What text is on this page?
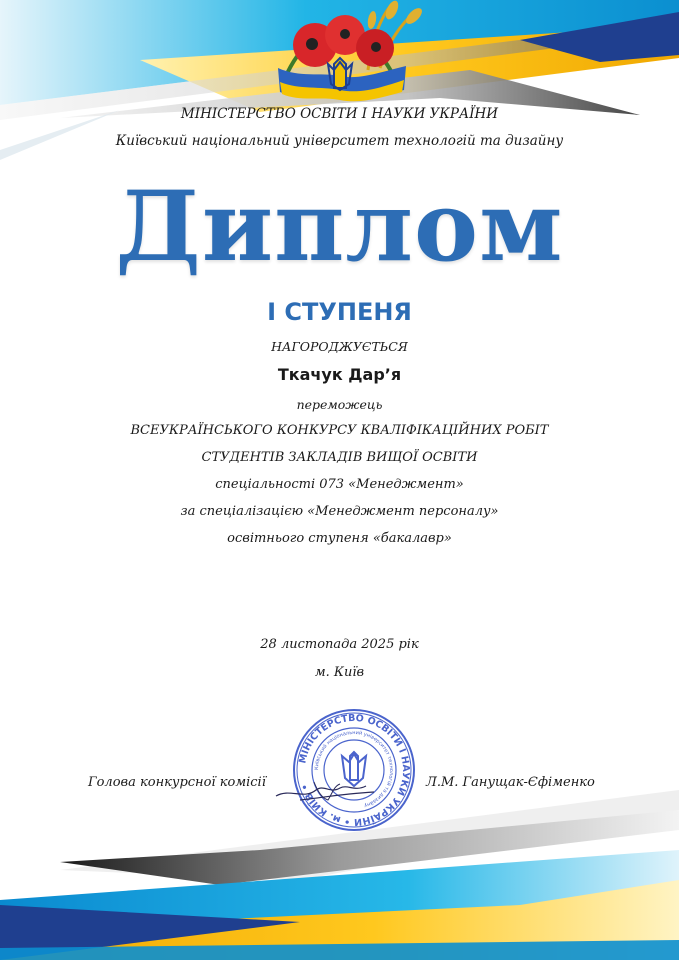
МІНІСТЕРСТВО ОСВІТИ І НАУКИ УКРАЇНИ
Київський національний університет технологій та дизайну
Диплом
І СТУПЕНЯ
НАГОРОДЖУЄТЬСЯ
Ткачук Дар’я
переможець
ВСЕУКРАЇНСЬКОГО КОНКУРСУ КВАЛІФІКАЦІЙНИХ РОБІТ
СТУДЕНТІВ ЗАКЛАДІВ ВИЩОЇ ОСВІТИ
спеціальності 073 «Менеджмент»
за спеціалізацією «Менеджмент персоналу»
освітнього ступеня «бакалавр»
28 листопада 2025 рік
м. Київ
Голова конкурсної комісії	Л.М. Ганущак-Єфіменко
МІНІСТЕРСТВО ОСВІТИ І НАУКИ УКРАЇНИ • м. КИЇВ •
Київський національний університет технологій та дизайну
